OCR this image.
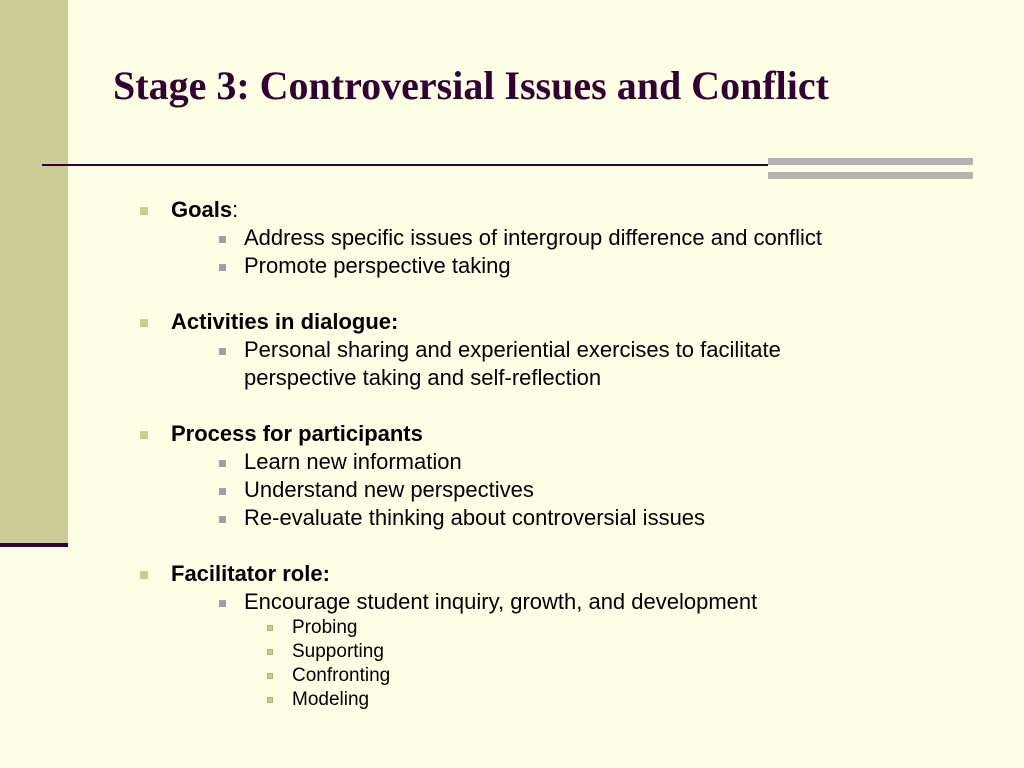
Stage 3: Controversial Issues and Conflict
Goals:
Address specific issues of intergroup difference and conflict
Promote perspective taking
Activities in dialogue:
Personal sharing and experiential exercises to facilitate perspective taking and self-reflection
Process for participants
Learn new information
Understand new perspectives
Re-evaluate thinking about controversial issues
Facilitator role:
Encourage student inquiry, growth, and development
Probing
Supporting
Confronting
Modeling
